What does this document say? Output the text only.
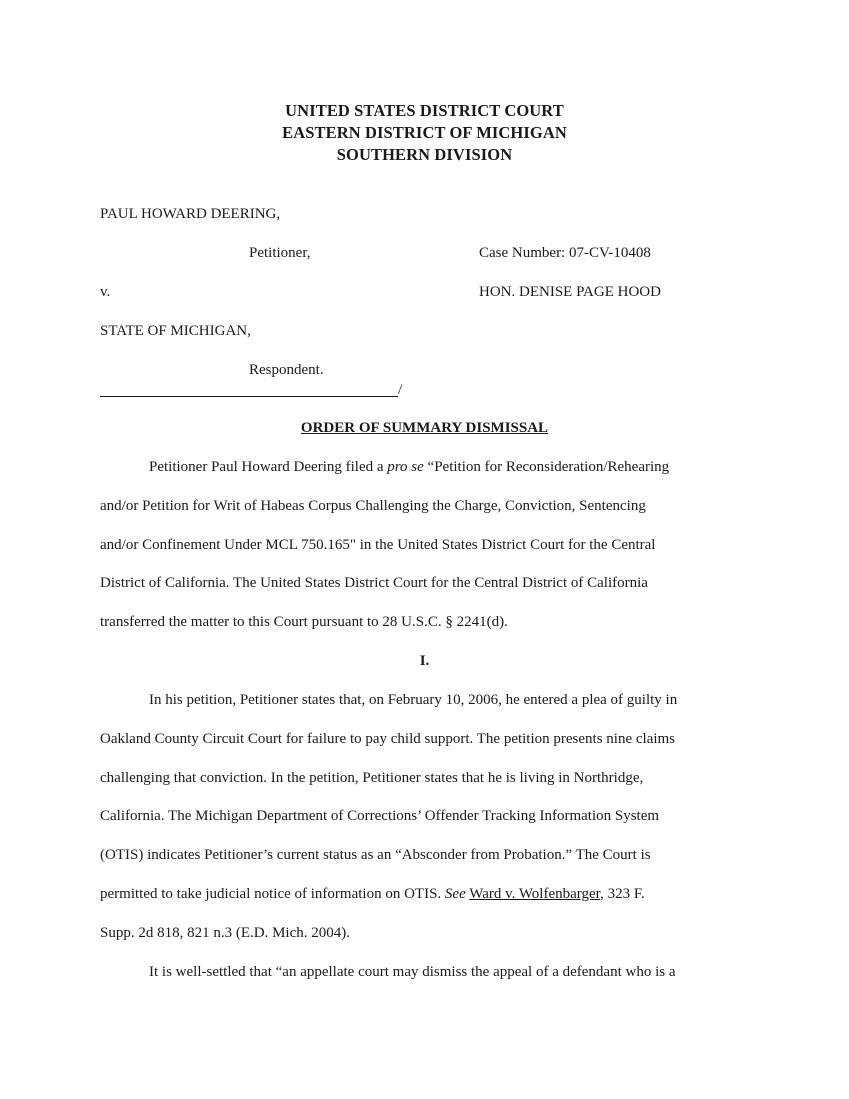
UNITED STATES DISTRICT COURT
EASTERN DISTRICT OF MICHIGAN
SOUTHERN DIVISION
PAUL HOWARD DEERING,
Petitioner,	Case Number: 07-CV-10408
v.	HON. DENISE PAGE HOOD
STATE OF MICHIGAN,
Respondent.
/
ORDER OF SUMMARY DISMISSAL
Petitioner Paul Howard Deering filed a pro se “Petition for Reconsideration/Rehearing
and/or Petition for Writ of Habeas Corpus Challenging the Charge, Conviction, Sentencing
and/or Confinement Under MCL 750.165" in the United States District Court for the Central
District of California. The United States District Court for the Central District of California
transferred the matter to this Court pursuant to 28 U.S.C. § 2241(d).
I.
In his petition, Petitioner states that, on February 10, 2006, he entered a plea of guilty in
Oakland County Circuit Court for failure to pay child support. The petition presents nine claims
challenging that conviction. In the petition, Petitioner states that he is living in Northridge,
California. The Michigan Department of Corrections’ Offender Tracking Information System
(OTIS) indicates Petitioner’s current status as an “Absconder from Probation.” The Court is
permitted to take judicial notice of information on OTIS. See Ward v. Wolfenbarger, 323 F.
Supp. 2d 818, 821 n.3 (E.D. Mich. 2004).
It is well-settled that “an appellate court may dismiss the appeal of a defendant who is a
